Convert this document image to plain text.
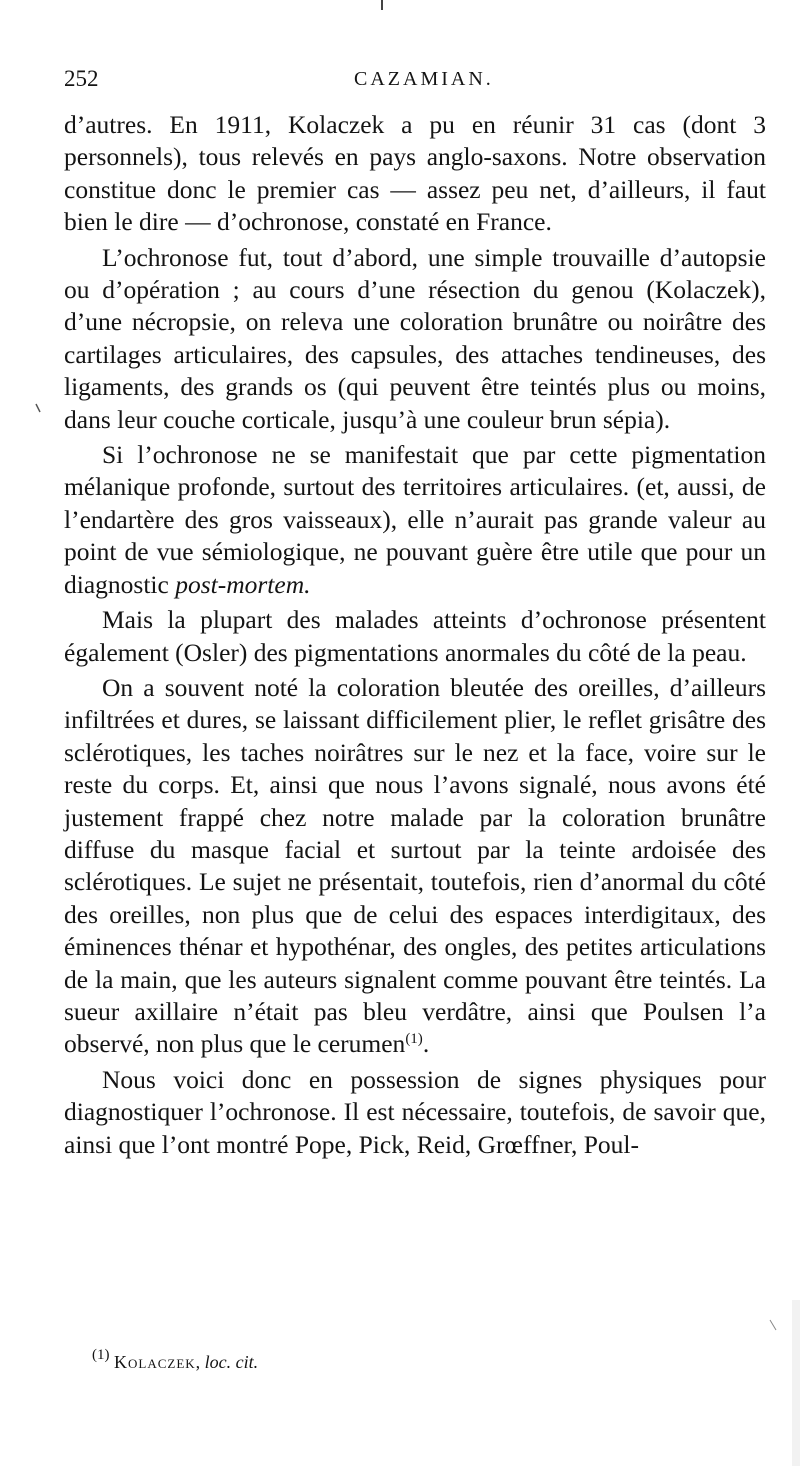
252	CAZAMIAN.

d’autres. En 1911, Kolaczek a pu en réunir 31 cas (dont 3 personnels), tous relevés en pays anglo-saxons. Notre observation constitue donc le premier cas — assez peu net, d’ailleurs, il faut bien le dire — d’ochronose, constaté en France.

L’ochronose fut, tout d’abord, une simple trouvaille d’autopsie ou d’opération ; au cours d’une résection du genou (Kolaczek), d’une nécropsie, on releva une coloration brunâtre ou noirâtre des cartilages articulaires, des capsules, des attaches tendineuses, des ligaments, des grands os (qui peuvent être teintés plus ou moins, dans leur couche corticale, jusqu’à une couleur brun sépia).

Si l’ochronose ne se manifestait que par cette pigmentation mélanique profonde, surtout des territoires articulaires. (et, aussi, de l’endartère des gros vaisseaux), elle n’aurait pas grande valeur au point de vue sémiologique, ne pouvant guère être utile que pour un diagnostic post-mortem.

Mais la plupart des malades atteints d’ochronose présentent également (Osler) des pigmentations anormales du côté de la peau.

On a souvent noté la coloration bleutée des oreilles, d’ailleurs infiltrées et dures, se laissant difficilement plier, le reflet grisâtre des sclérotiques, les taches noirâtres sur le nez et la face, voire sur le reste du corps. Et, ainsi que nous l’avons signalé, nous avons été justement frappé chez notre malade par la coloration brunâtre diffuse du masque facial et surtout par la teinte ardoisée des sclérotiques. Le sujet ne présentait, toutefois, rien d’anormal du côté des oreilles, non plus que de celui des espaces interdigitaux, des éminences thénar et hypothénar, des ongles, des petites articulations de la main, que les auteurs signalent comme pouvant être teintés. La sueur axillaire n’était pas bleu verdâtre, ainsi que Poulsen l’a observé, non plus que le cerumen$^{(1)}$.

Nous voici donc en possession de signes physiques pour diagnostiquer l’ochronose. Il est nécessaire, toutefois, de savoir que, ainsi que l’ont montré Pope, Pick, Reid, Grœffner, Poul-

$^{(1)}$ Kolaczek, loc. cit.
